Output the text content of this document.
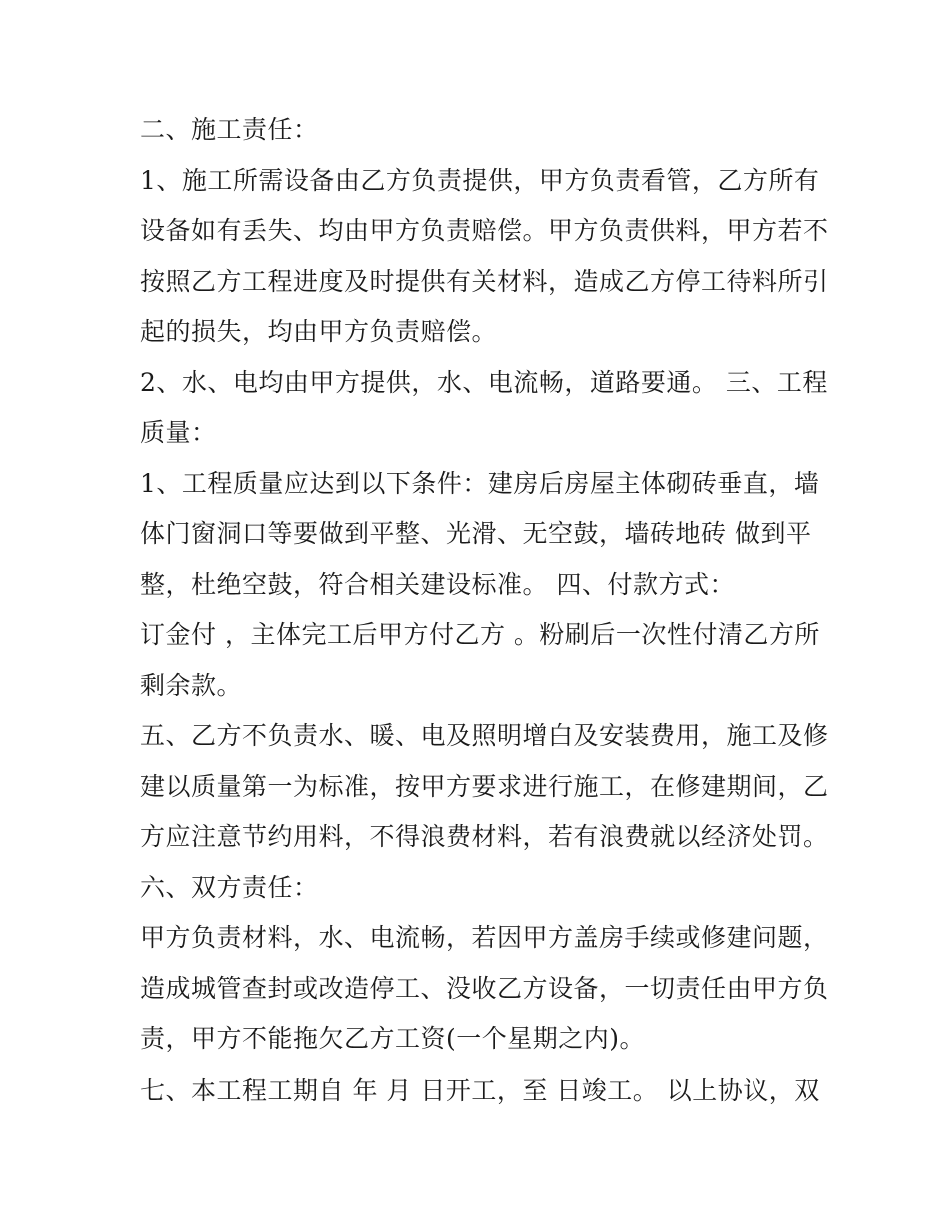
二、施工责任：
1、施工所需设备由乙方负责提供，甲方负责看管，乙方所有
设备如有丢失、均由甲方负责赔偿。甲方负责供料，甲方若不
按照乙方工程进度及时提供有关材料，造成乙方停工待料所引
起的损失，均由甲方负责赔偿。
2、水、电均由甲方提供，水、电流畅，道路要通。 三、工程
质量：
1、工程质量应达到以下条件：建房后房屋主体砌砖垂直，墙
体门窗洞口等要做到平整、光滑、无空鼓，墙砖地砖 做到平
整，杜绝空鼓，符合相关建设标准。 四、付款方式：
订金付 ，主体完工后甲方付乙方 。粉刷后一次性付清乙方所
剩余款。
五、乙方不负责水、暖、电及照明增白及安装费用，施工及修
建以质量第一为标准，按甲方要求进行施工，在修建期间，乙
方应注意节约用料，不得浪费材料，若有浪费就以经济处罚。
六、双方责任：
甲方负责材料，水、电流畅，若因甲方盖房手续或修建问题，
造成城管查封或改造停工、没收乙方设备，一切责任由甲方负
责，甲方不能拖欠乙方工资(一个星期之内)。
七、本工程工期自 年 月 日开工，至 日竣工。 以上协议，双
